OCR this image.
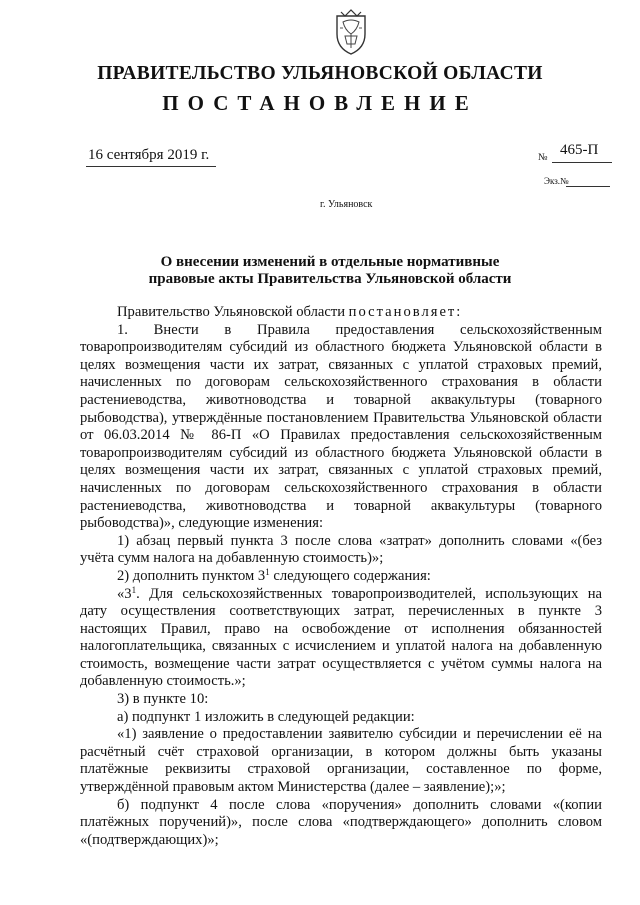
ПРАВИТЕЛЬСТВО УЛЬЯНОВСКОЙ ОБЛАСТИ
ПОСТАНОВЛЕНИЕ
16 сентября 2019 г.	№ 465-П
Экз.№
г. Ульяновск
О внесении изменений в отдельные нормативные
правовые акты Правительства Ульяновской области

Правительство Ульяновской области постановляет:

1. Внести в Правила предоставления сельскохозяйственным товаропроизводителям субсидий из областного бюджета Ульяновской области в целях возмещения части их затрат, связанных с уплатой страховых премий, начисленных по договорам сельскохозяйственного страхования в области растениеводства, животноводства и товарной аквакультуры (товарного рыбоводства), утверждённые постановлением Правительства Ульяновской области от 06.03.2014 № 86-П «О Правилах предоставления сельскохозяйственным товаропроизводителям субсидий из областного бюджета Ульяновской области в целях возмещения части их затрат, связанных с уплатой страховых премий, начисленных по договорам сельскохозяйственного страхования в области растениеводства, животноводства и товарной аквакультуры (товарного рыбоводства)», следующие изменения:

1) абзац первый пункта 3 после слова «затрат» дополнить словами «(без учёта сумм налога на добавленную стоимость)»;

2) дополнить пунктом $3^1$ следующего содержания:

«$3^1$. Для сельскохозяйственных товаропроизводителей, использующих на дату осуществления соответствующих затрат, перечисленных в пункте 3 настоящих Правил, право на освобождение от исполнения обязанностей налогоплательщика, связанных с исчислением и уплатой налога на добавленную стоимость, возмещение части затрат осуществляется с учётом суммы налога на добавленную стоимость.»;

3) в пункте 10:

а) подпункт 1 изложить в следующей редакции:

«1) заявление о предоставлении заявителю субсидии и перечислении её на расчётный счёт страховой организации, в котором должны быть указаны платёжные реквизиты страховой организации, составленное по форме, утверждённой правовым актом Министерства (далее – заявление);»;

б) подпункт 4 после слова «поручения» дополнить словами «(копии платёжных поручений)», после слова «подтверждающего» дополнить словом «(подтверждающих)»;
